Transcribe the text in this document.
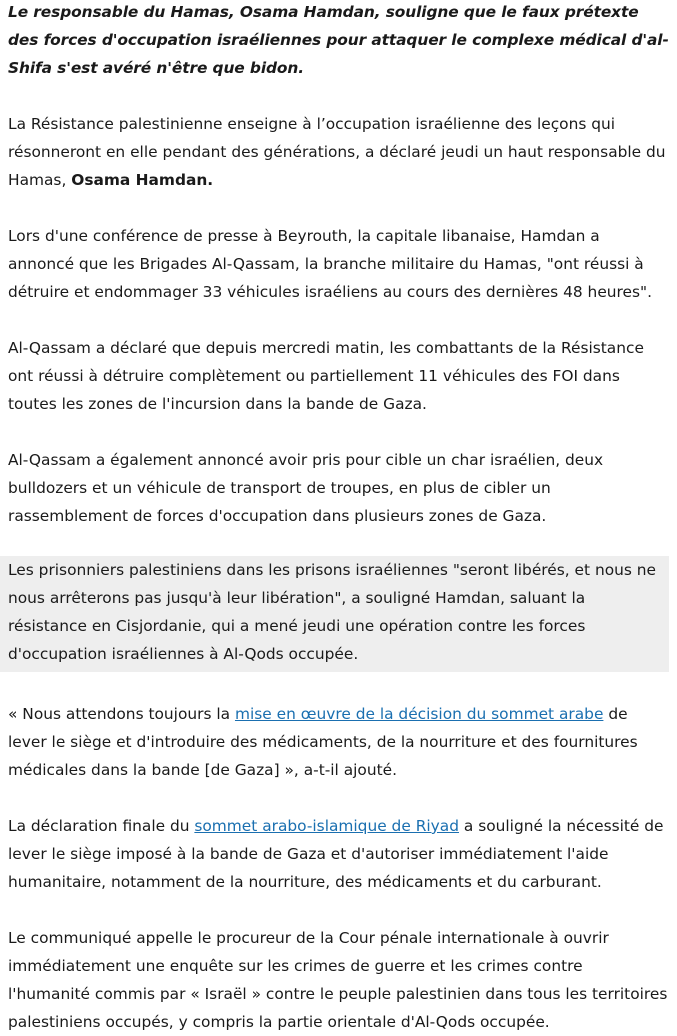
Le responsable du Hamas, Osama Hamdan, souligne que le faux prétexte des forces d'occupation israéliennes pour attaquer le complexe médical d'al-Shifa s'est avéré n'être que bidon.

La Résistance palestinienne enseigne à l’occupation israélienne des leçons qui résonneront en elle pendant des générations, a déclaré jeudi un haut responsable du Hamas, Osama Hamdan.

Lors d'une conférence de presse à Beyrouth, la capitale libanaise, Hamdan a annoncé que les Brigades Al-Qassam, la branche militaire du Hamas, "ont réussi à détruire et endommager 33 véhicules israéliens au cours des dernières 48 heures".

Al-Qassam a déclaré que depuis mercredi matin, les combattants de la Résistance ont réussi à détruire complètement ou partiellement 11 véhicules des FOI dans toutes les zones de l'incursion dans la bande de Gaza.

Al-Qassam a également annoncé avoir pris pour cible un char israélien, deux bulldozers et un véhicule de transport de troupes, en plus de cibler un rassemblement de forces d'occupation dans plusieurs zones de Gaza.

Les prisonniers palestiniens dans les prisons israéliennes "seront libérés, et nous ne nous arrêterons pas jusqu'à leur libération", a souligné Hamdan, saluant la résistance en Cisjordanie, qui a mené jeudi une opération contre les forces d'occupation israéliennes à Al-Qods occupée.

« Nous attendons toujours la mise en œuvre de la décision du sommet arabe de lever le siège et d'introduire des médicaments, de la nourriture et des fournitures médicales dans la bande [de Gaza] », a-t-il ajouté.

La déclaration finale du sommet arabo-islamique de Riyad a souligné la nécessité de lever le siège imposé à la bande de Gaza et d'autoriser immédiatement l'aide humanitaire, notamment de la nourriture, des médicaments et du carburant.

Le communiqué appelle le procureur de la Cour pénale internationale à ouvrir immédiatement une enquête sur les crimes de guerre et les crimes contre l'humanité commis par « Israël » contre le peuple palestinien dans tous les territoires palestiniens occupés, y compris la partie orientale d'Al-Qods occupée.
